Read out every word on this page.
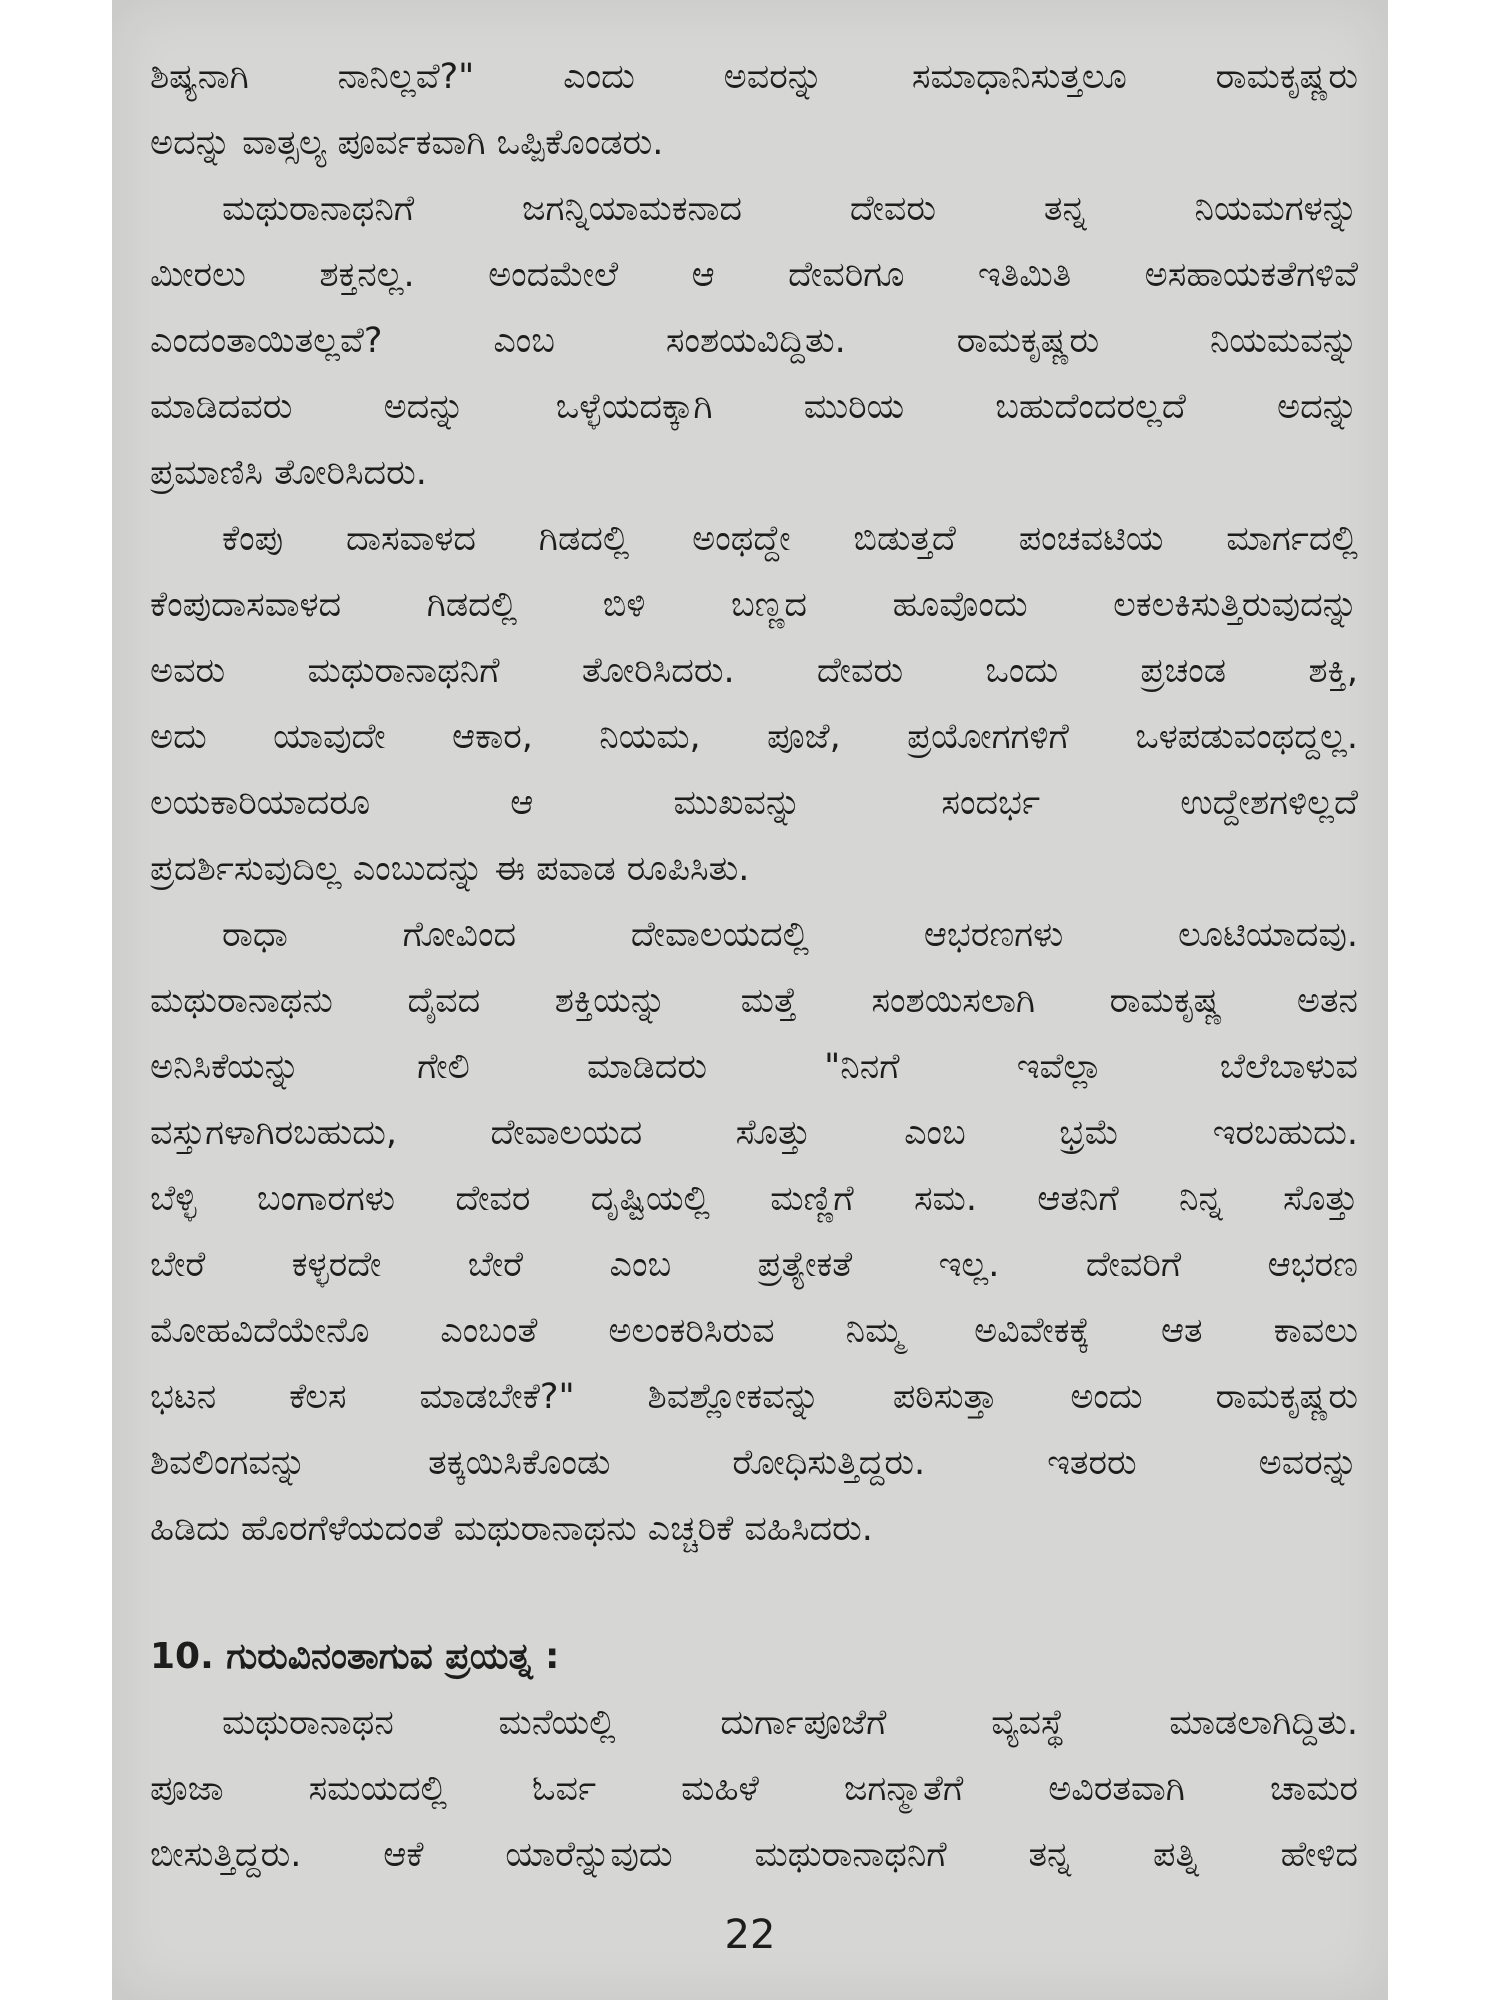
ಶಿಷ್ಯನಾಗಿ ನಾನಿಲ್ಲವೆ?" ಎಂದು ಅವರನ್ನು ಸಮಾಧಾನಿಸುತ್ತಲೂ ರಾಮಕೃಷ್ಣರು
ಅದನ್ನು ವಾತ್ಸಲ್ಯ ಪೂರ್ವಕವಾಗಿ ಒಪ್ಪಿಕೊಂಡರು.
ಮಥುರಾನಾಥನಿಗೆ ಜಗನ್ನಿಯಾಮಕನಾದ ದೇವರು ತನ್ನ ನಿಯಮಗಳನ್ನು
ಮೀರಲು ಶಕ್ತನಲ್ಲ. ಅಂದಮೇಲೆ ಆ ದೇವರಿಗೂ ಇತಿಮಿತಿ ಅಸಹಾಯಕತೆಗಳಿವೆ
ಎಂದಂತಾಯಿತಲ್ಲವೆ? ಎಂಬ ಸಂಶಯವಿದ್ದಿತು. ರಾಮಕೃಷ್ಣರು ನಿಯಮವನ್ನು
ಮಾಡಿದವರು ಅದನ್ನು ಒಳ್ಳೆಯದಕ್ಕಾಗಿ ಮುರಿಯ ಬಹುದೆಂದರಲ್ಲದೆ ಅದನ್ನು
ಪ್ರಮಾಣಿಸಿ ತೋರಿಸಿದರು.
ಕೆಂಪು ದಾಸವಾಳದ ಗಿಡದಲ್ಲಿ ಅಂಥದ್ದೇ ಬಿಡುತ್ತದೆ ಪಂಚವಟಿಯ ಮಾರ್ಗದಲ್ಲಿ
ಕೆಂಪುದಾಸವಾಳದ ಗಿಡದಲ್ಲಿ ಬಿಳಿ ಬಣ್ಣದ ಹೂವೊಂದು ಲಕಲಕಿಸುತ್ತಿರುವುದನ್ನು
ಅವರು ಮಥುರಾನಾಥನಿಗೆ ತೋರಿಸಿದರು. ದೇವರು ಒಂದು ಪ್ರಚಂಡ ಶಕ್ತಿ,
ಅದು ಯಾವುದೇ ಆಕಾರ, ನಿಯಮ, ಪೂಜೆ, ಪ್ರಯೋಗಗಳಿಗೆ ಒಳಪಡುವಂಥದ್ದಲ್ಲ.
ಲಯಕಾರಿಯಾದರೂ ಆ ಮುಖವನ್ನು ಸಂದರ್ಭ ಉದ್ದೇಶಗಳಿಲ್ಲದೆ
ಪ್ರದರ್ಶಿಸುವುದಿಲ್ಲ ಎಂಬುದನ್ನು ಈ ಪವಾಡ ರೂಪಿಸಿತು.
ರಾಧಾ ಗೋವಿಂದ ದೇವಾಲಯದಲ್ಲಿ ಆಭರಣಗಳು ಲೂಟಿಯಾದವು.
ಮಥುರಾನಾಥನು ದೈವದ ಶಕ್ತಿಯನ್ನು ಮತ್ತೆ ಸಂಶಯಿಸಲಾಗಿ ರಾಮಕೃಷ್ಣ ಅತನ
ಅನಿಸಿಕೆಯನ್ನು ಗೇಲಿ ಮಾಡಿದರು "ನಿನಗೆ ಇವೆಲ್ಲಾ ಬೆಲೆಬಾಳುವ
ವಸ್ತುಗಳಾಗಿರಬಹುದು, ದೇವಾಲಯದ ಸೊತ್ತು ಎಂಬ ಭ್ರಮೆ ಇರಬಹುದು.
ಬೆಳ್ಳಿ ಬಂಗಾರಗಳು ದೇವರ ದೃಷ್ಟಿಯಲ್ಲಿ ಮಣ್ಣಿಗೆ ಸಮ. ಆತನಿಗೆ ನಿನ್ನ ಸೊತ್ತು
ಬೇರೆ ಕಳ್ಳರದೇ ಬೇರೆ ಎಂಬ ಪ್ರತ್ಯೇಕತೆ ಇಲ್ಲ. ದೇವರಿಗೆ ಆಭರಣ
ಮೋಹವಿದೆಯೇನೊ ಎಂಬಂತೆ ಅಲಂಕರಿಸಿರುವ ನಿಮ್ಮ ಅವಿವೇಕಕ್ಕೆ ಆತ ಕಾವಲು
ಭಟನ ಕೆಲಸ ಮಾಡಬೇಕೆ?" ಶಿವಶ್ಲೋಕವನ್ನು ಪಠಿಸುತ್ತಾ ಅಂದು ರಾಮಕೃಷ್ಣರು
ಶಿವಲಿಂಗವನ್ನು ತಕ್ಕಯಿಸಿಕೊಂಡು ರೋಧಿಸುತ್ತಿದ್ದರು. ಇತರರು ಅವರನ್ನು
ಹಿಡಿದು ಹೊರಗೆಳೆಯದಂತೆ ಮಥುರಾನಾಥನು ಎಚ್ಚರಿಕೆ ವಹಿಸಿದರು.
10. ಗುರುವಿನಂತಾಗುವ ಪ್ರಯತ್ನ :
ಮಥುರಾನಾಥನ ಮನೆಯಲ್ಲಿ ದುರ್ಗಾಪೂಜೆಗೆ ವ್ಯವಸ್ಥೆ ಮಾಡಲಾಗಿದ್ದಿತು.
ಪೂಜಾ ಸಮಯದಲ್ಲಿ ಓರ್ವ ಮಹಿಳೆ ಜಗನ್ಮಾತೆಗೆ ಅವಿರತವಾಗಿ ಚಾಮರ
ಬೀಸುತ್ತಿದ್ದರು. ಆಕೆ ಯಾರೆನ್ನುವುದು ಮಥುರಾನಾಥನಿಗೆ ತನ್ನ ಪತ್ನಿ ಹೇಳಿದ
22
